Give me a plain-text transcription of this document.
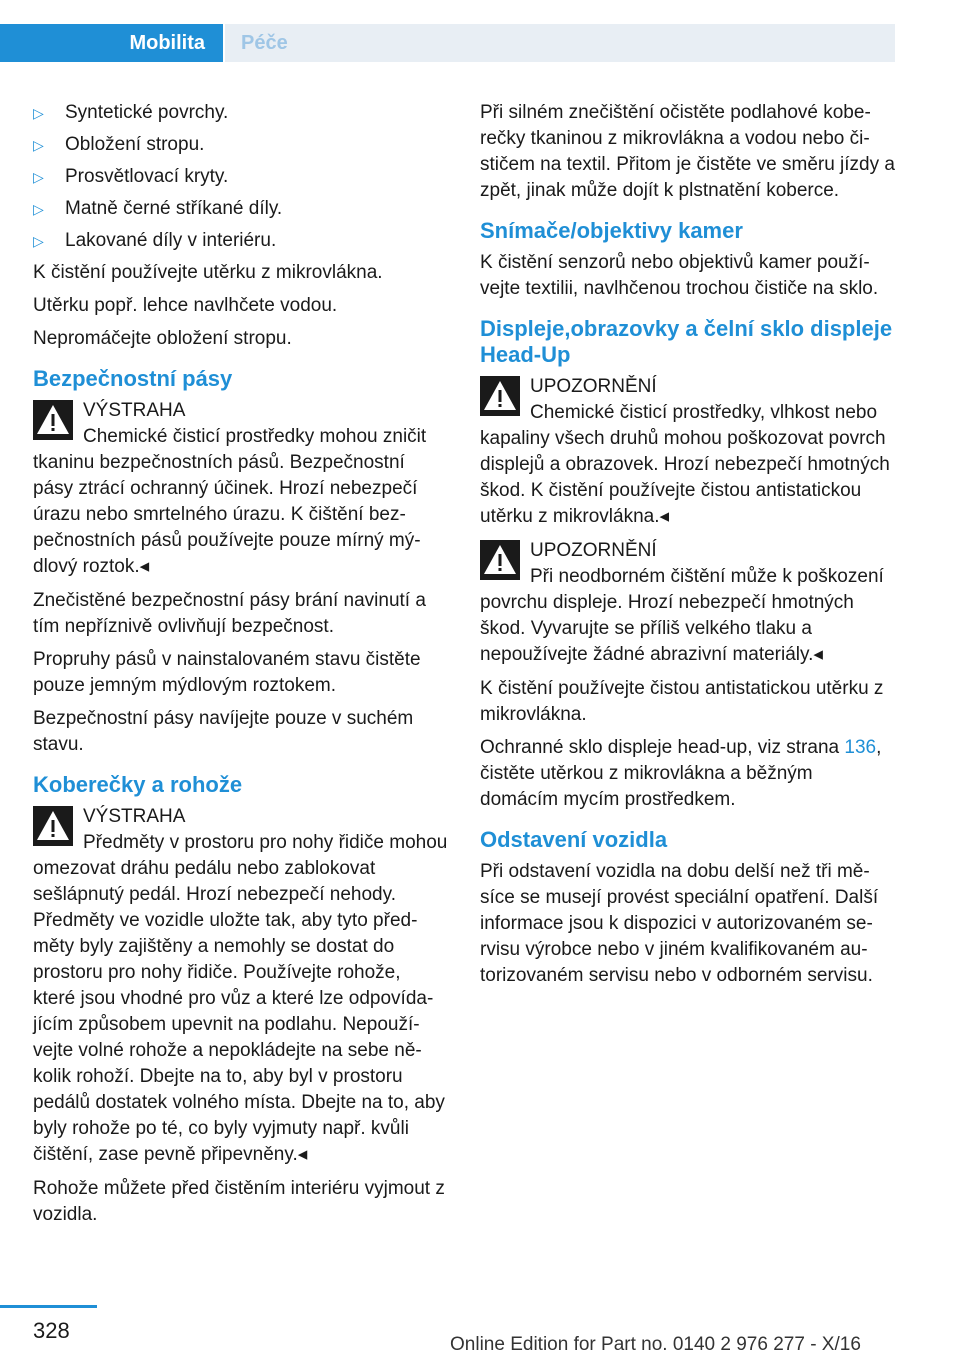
Mobilita	Péče
▷	Syntetické povrchy.
▷	Obložení stropu.
▷	Prosvětlovací kryty.
▷	Matně černé stříkané díly.
▷	Lakované díly v interiéru.

K čistění používejte utěrku z mikrovlákna.

Utěrku popř. lehce navlhčete vodou.

Nepromáčejte obložení stropu.

Bezpečnostní pásy
VÝSTRAHA
Chemické čisticí prostředky mohou zničit tkaninu bezpečnostních pásů. Bezpečnostní pásy ztrácí ochranný účinek. Hrozí nebezpečí úrazu nebo smrtelného úrazu. K čištění bezpečnostních pásů používejte pouze mírný mýdlový roztok.◂

Znečistěné bezpečnostní pásy brání navinutí a tím nepříznivě ovlivňují bezpečnost.

Propruhy pásů v nainstalovaném stavu čistěte pouze jemným mýdlovým roztokem.

Bezpečnostní pásy navíjejte pouze v suchém stavu.

Koberečky a rohože
VÝSTRAHA
Předměty v prostoru pro nohy řidiče mohou omezovat dráhu pedálu nebo zablokovat sešlápnutý pedál. Hrozí nebezpečí nehody. Předměty ve vozidle uložte tak, aby tyto předměty byly zajištěny a nemohly se dostat do prostoru pro nohy řidiče. Používejte rohože, které jsou vhodné pro vůz a které lze odpovídajícím způsobem upevnit na podlahu. Nepoužívejte volné rohože a nepokládejte na sebe několik rohoží. Dbejte na to, aby byl v prostoru pedálů dostatek volného místa. Dbejte na to, aby byly rohože po té, co byly vyjmuty např. kvůli čištění, zase pevně připevněny.◂

Rohože můžete před čistěním interiéru vyjmout z vozidla.

Při silném znečištění očistěte podlahové koberečky tkaninou z mikrovlákna a vodou nebo čističem na textil. Přitom je čistěte ve směru jízdy a zpět, jinak může dojít k plstnatění koberce.

Snímače/objektivy kamer

K čistění senzorů nebo objektivů kamer používejte textilii, navlhčenou trochou čističe na sklo.

Displeje,obrazovky a čelní sklo displeje Head-Up
UPOZORNĚNÍ
Chemické čisticí prostředky, vlhkost nebo kapaliny všech druhů mohou poškozovat povrch displejů a obrazovek. Hrozí nebezpečí hmotných škod. K čistění používejte čistou antistatickou utěrku z mikrovlákna.◂
UPOZORNĚNÍ
Při neodborném čištění může k poškození povrchu displeje. Hrozí nebezpečí hmotných škod. Vyvarujte se příliš velkého tlaku a nepoužívejte žádné abrazivní materiály.◂

K čistění používejte čistou antistatickou utěrku z mikrovlákna.

Ochranné sklo displeje head-up, viz strana 136, čistěte utěrkou z mikrovlákna a běžným domácím mycím prostředkem.

Odstavení vozidla

Při odstavení vozidla na dobu delší než tři měsíce se musejí provést speciální opatření. Další informace jsou k dispozici v autorizovaném servisu výrobce nebo v jiném kvalifikovaném autorizovaném servisu nebo v odborném servisu.

328
Online Edition for Part no. 0140 2 976 277 - X/16
